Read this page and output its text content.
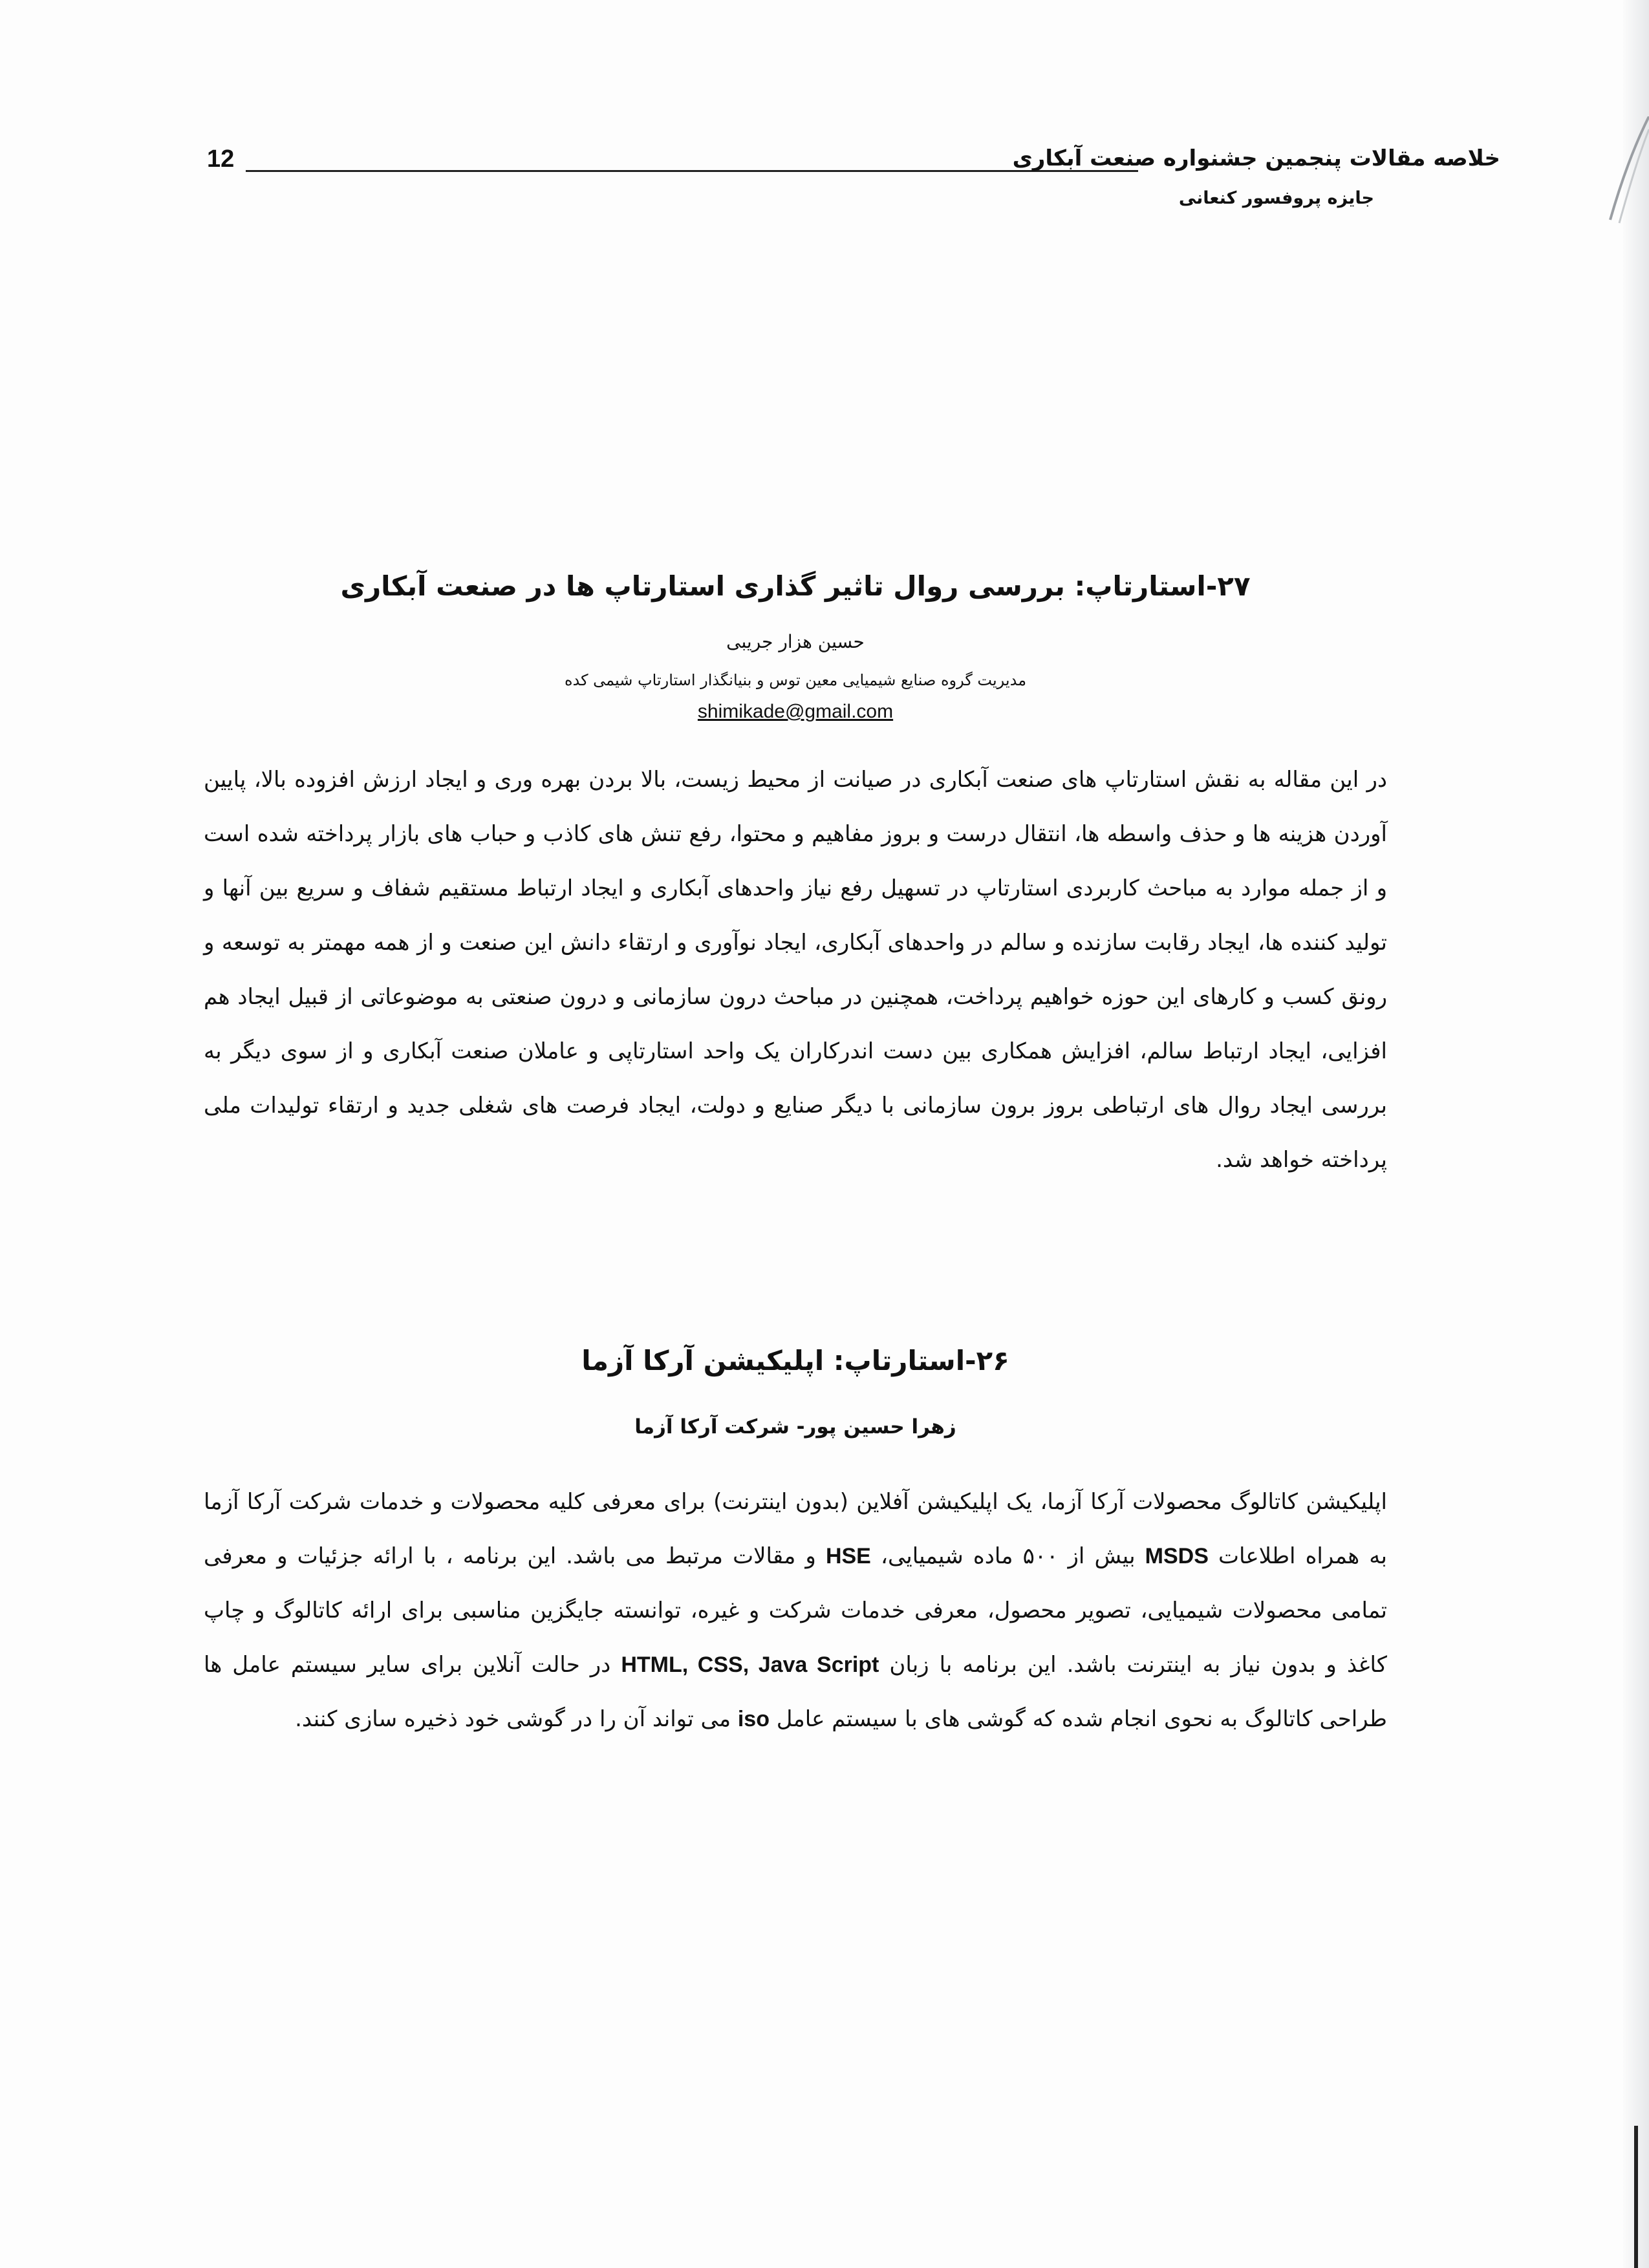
12	خلاصه مقالات پنجمین جشنواره صنعت آبکاری
جایزه پروفسور کنعانی
۲۷-استارتاپ: بررسی روال تاثیر گذاری استارتاپ ها در صنعت آبکاری
حسین هزار جریبی
مدیریت گروه صنایع شیمیایی معین توس و بنیانگذار استارتاپ شیمی کده
shimikade@gmail.com

در این مقاله به نقش استارتاپ های صنعت آبکاری در صیانت از محیط زیست، بالا بردن بهره وری و ایجاد ارزش افزوده بالا، پایین آوردن هزینه ها و حذف واسطه ها، انتقال درست و بروز مفاهیم و محتوا، رفع تنش های کاذب و حباب های بازار پرداخته شده است و از جمله موارد به مباحث کاربردی استارتاپ در تسهیل رفع نیاز واحدهای آبکاری و ایجاد ارتباط مستقیم شفاف و سریع بین آنها و تولید کننده ها، ایجاد رقابت سازنده و سالم در واحدهای آبکاری، ایجاد نوآوری و ارتقاء دانش این صنعت و از همه مهمتر به توسعه و رونق کسب و کارهای این حوزه خواهیم پرداخت، همچنین در مباحث درون سازمانی و درون صنعتی به موضوعاتی از قبیل ایجاد هم افزایی، ایجاد ارتباط سالم، افزایش همکاری بین دست اندرکاران یک واحد استارتاپی و عاملان صنعت آبکاری و از سوی دیگر به بررسی ایجاد روال های ارتباطی بروز برون سازمانی با دیگر صنایع و دولت، ایجاد فرصت های شغلی جدید و ارتقاء تولیدات ملی پرداخته خواهد شد.

۲۶-استارتاپ: اپلیکیشن آرکا آزما
زهرا حسین پور- شرکت آرکا آزما

اپلیکیشن کاتالوگ محصولات آرکا آزما، یک اپلیکیشن آفلاین (بدون اینترنت) برای معرفی کلیه محصولات و خدمات شرکت آرکا آزما به همراه اطلاعات MSDS بیش از ۵۰۰ ماده شیمیایی، HSE و مقالات مرتبط می باشد. این برنامه ، با ارائه جزئیات و معرفی تمامی محصولات شیمیایی، تصویر محصول، معرفی خدمات شرکت و غیره، توانسته جایگزین مناسبی برای ارائه کاتالوگ و چاپ کاغذ و بدون نیاز به اینترنت باشد. این برنامه با زبان HTML, CSS, Java Script در حالت آنلاین برای سایر سیستم عامل ها طراحی کاتالوگ به نحوی انجام شده که گوشی های با سیستم عامل iso می تواند آن را در گوشی خود ذخیره سازی کنند.
